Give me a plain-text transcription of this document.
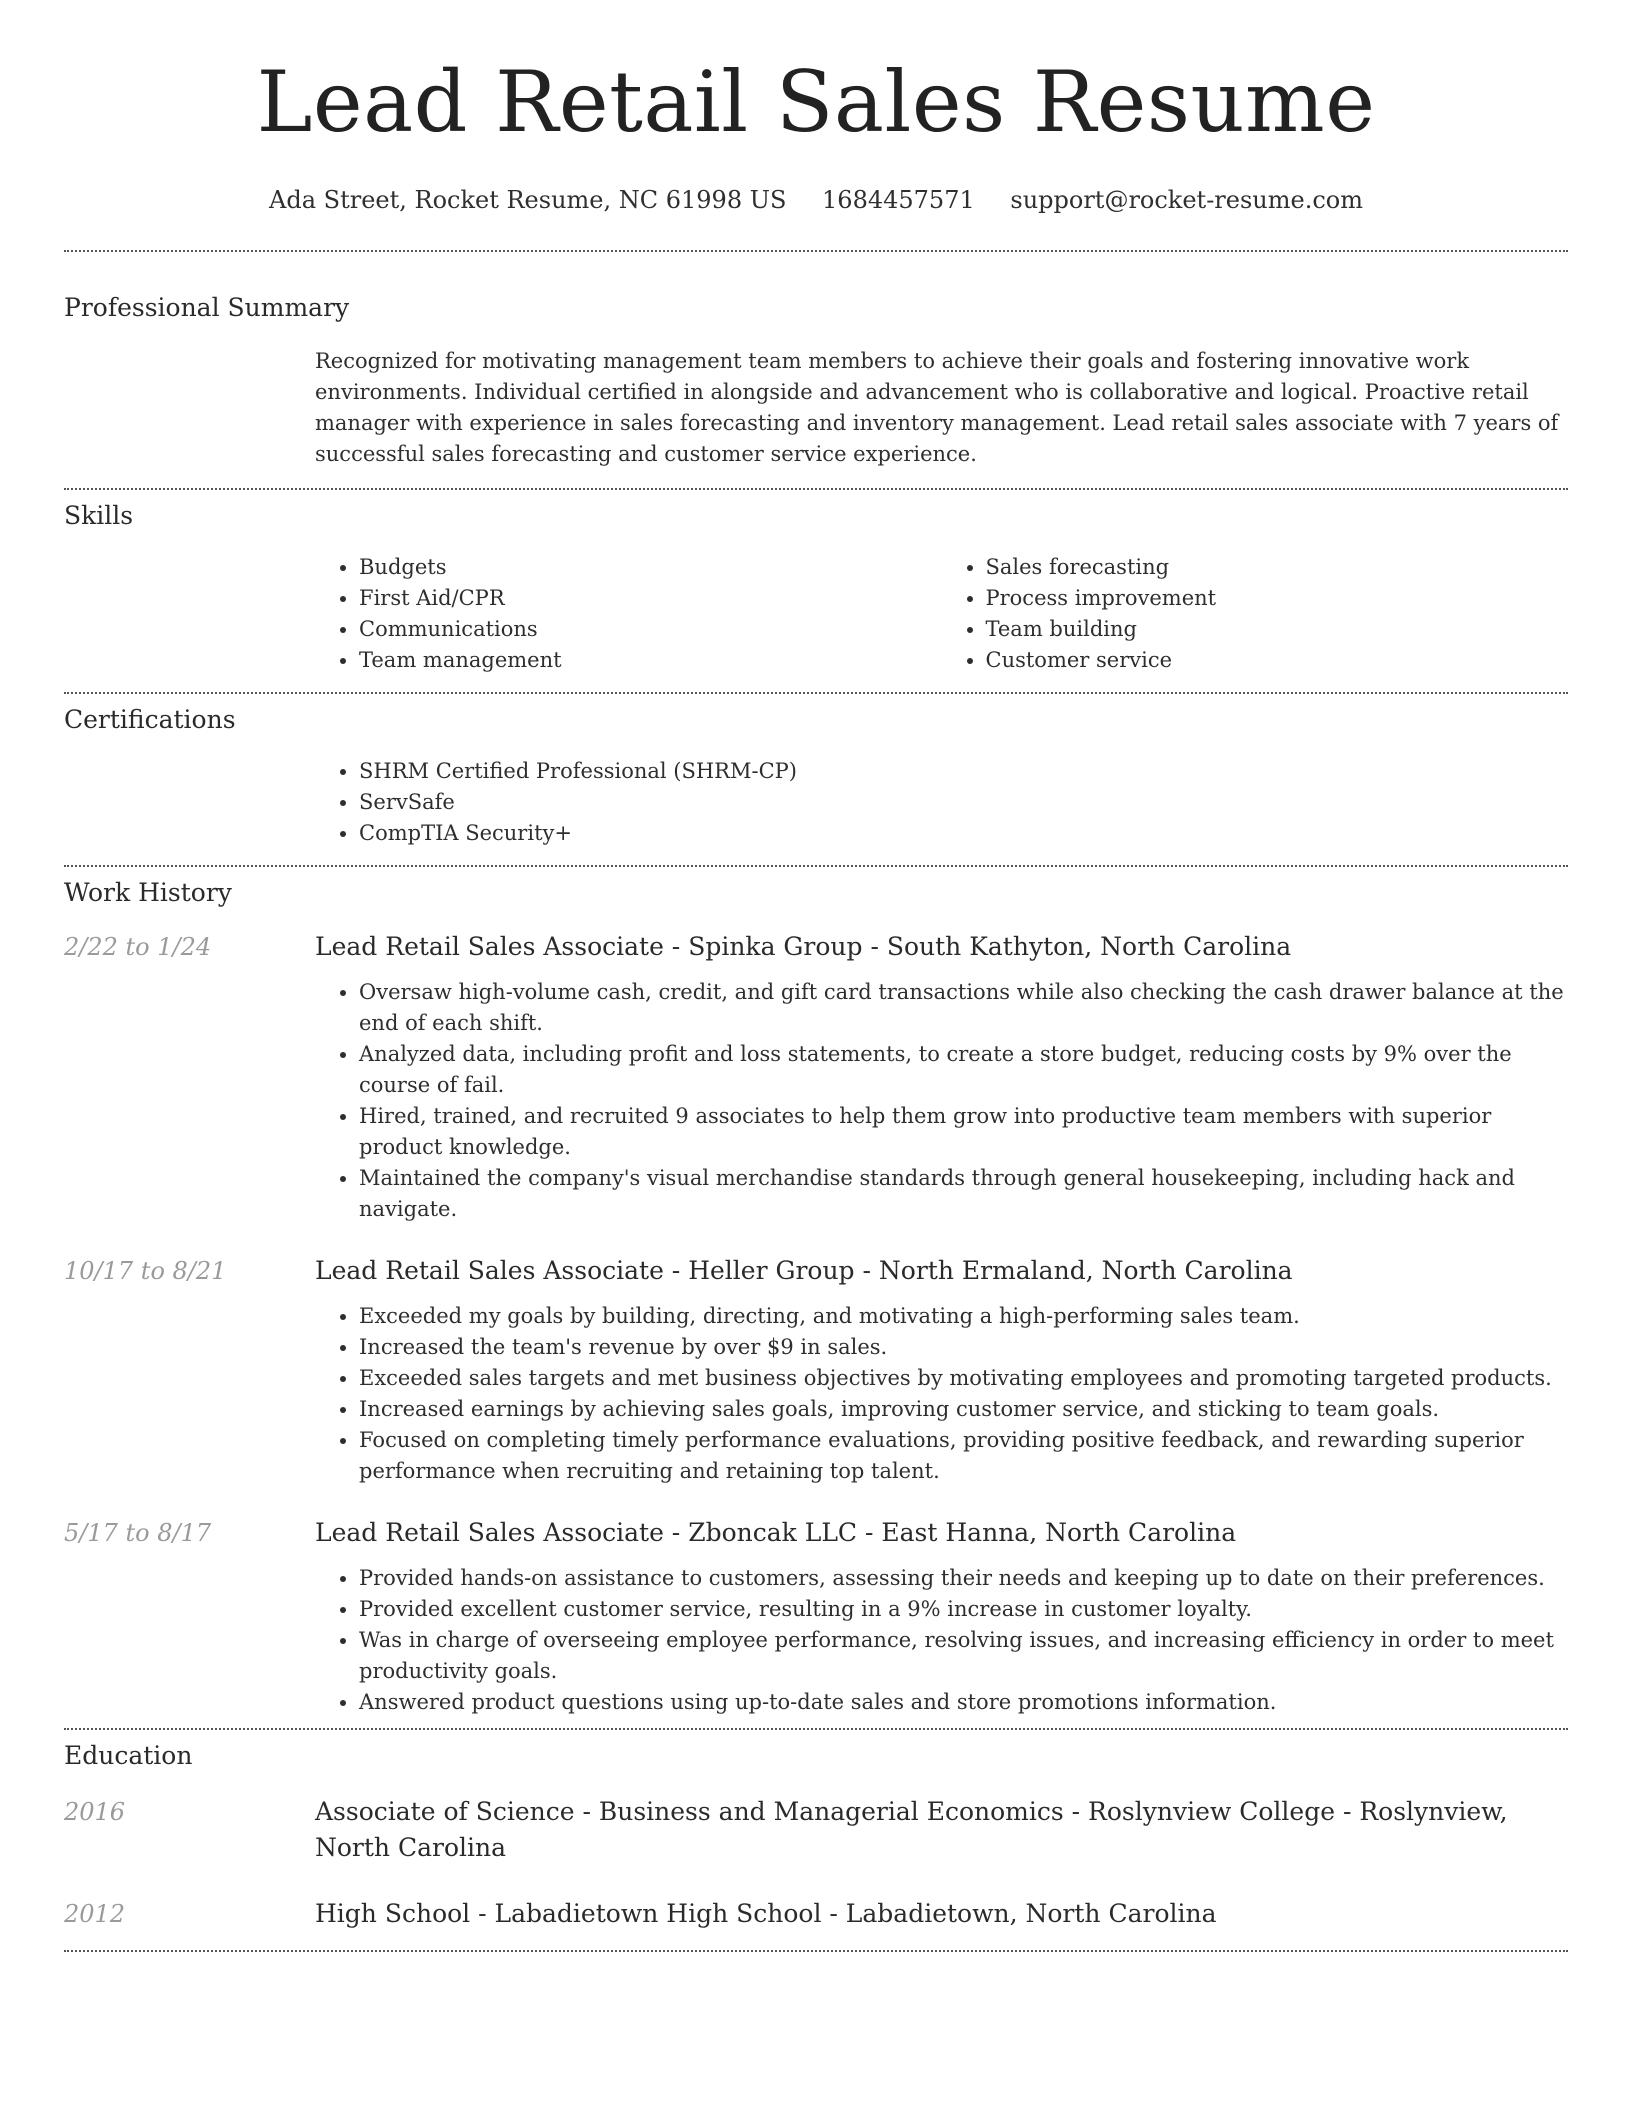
Lead Retail Sales Resume
Ada Street, Rocket Resume, NC 61998 US 1684457571 support@rocket-resume.com
Professional Summary
Recognized for motivating management team members to achieve their goals and fostering innovative work environments. Individual certified in alongside and advancement who is collaborative and logical. Proactive retail manager with experience in sales forecasting and inventory management. Lead retail sales associate with 7 years of successful sales forecasting and customer service experience.
Skills
• Budgets
• First Aid/CPR
• Communications
• Team management
• Sales forecasting
• Process improvement
• Team building
• Customer service
Certifications
• SHRM Certified Professional (SHRM-CP)
• ServSafe
• CompTIA Security+
Work History
2/22 to 1/24	Lead Retail Sales Associate - Spinka Group - South Kathyton, North Carolina
• Oversaw high-volume cash, credit, and gift card transactions while also checking the cash drawer balance at the end of each shift.
• Analyzed data, including profit and loss statements, to create a store budget, reducing costs by 9% over the course of fail.
• Hired, trained, and recruited 9 associates to help them grow into productive team members with superior product knowledge.
• Maintained the company's visual merchandise standards through general housekeeping, including hack and navigate.
10/17 to 8/21	Lead Retail Sales Associate - Heller Group - North Ermaland, North Carolina
• Exceeded my goals by building, directing, and motivating a high-performing sales team.
• Increased the team's revenue by over $9 in sales.
• Exceeded sales targets and met business objectives by motivating employees and promoting targeted products.
• Increased earnings by achieving sales goals, improving customer service, and sticking to team goals.
• Focused on completing timely performance evaluations, providing positive feedback, and rewarding superior performance when recruiting and retaining top talent.
5/17 to 8/17	Lead Retail Sales Associate - Zboncak LLC - East Hanna, North Carolina
• Provided hands-on assistance to customers, assessing their needs and keeping up to date on their preferences.
• Provided excellent customer service, resulting in a 9% increase in customer loyalty.
• Was in charge of overseeing employee performance, resolving issues, and increasing efficiency in order to meet productivity goals.
• Answered product questions using up-to-date sales and store promotions information.
Education
2016	Associate of Science - Business and Managerial Economics - Roslynview College - Roslynview, North Carolina
2012	High School - Labadietown High School - Labadietown, North Carolina
